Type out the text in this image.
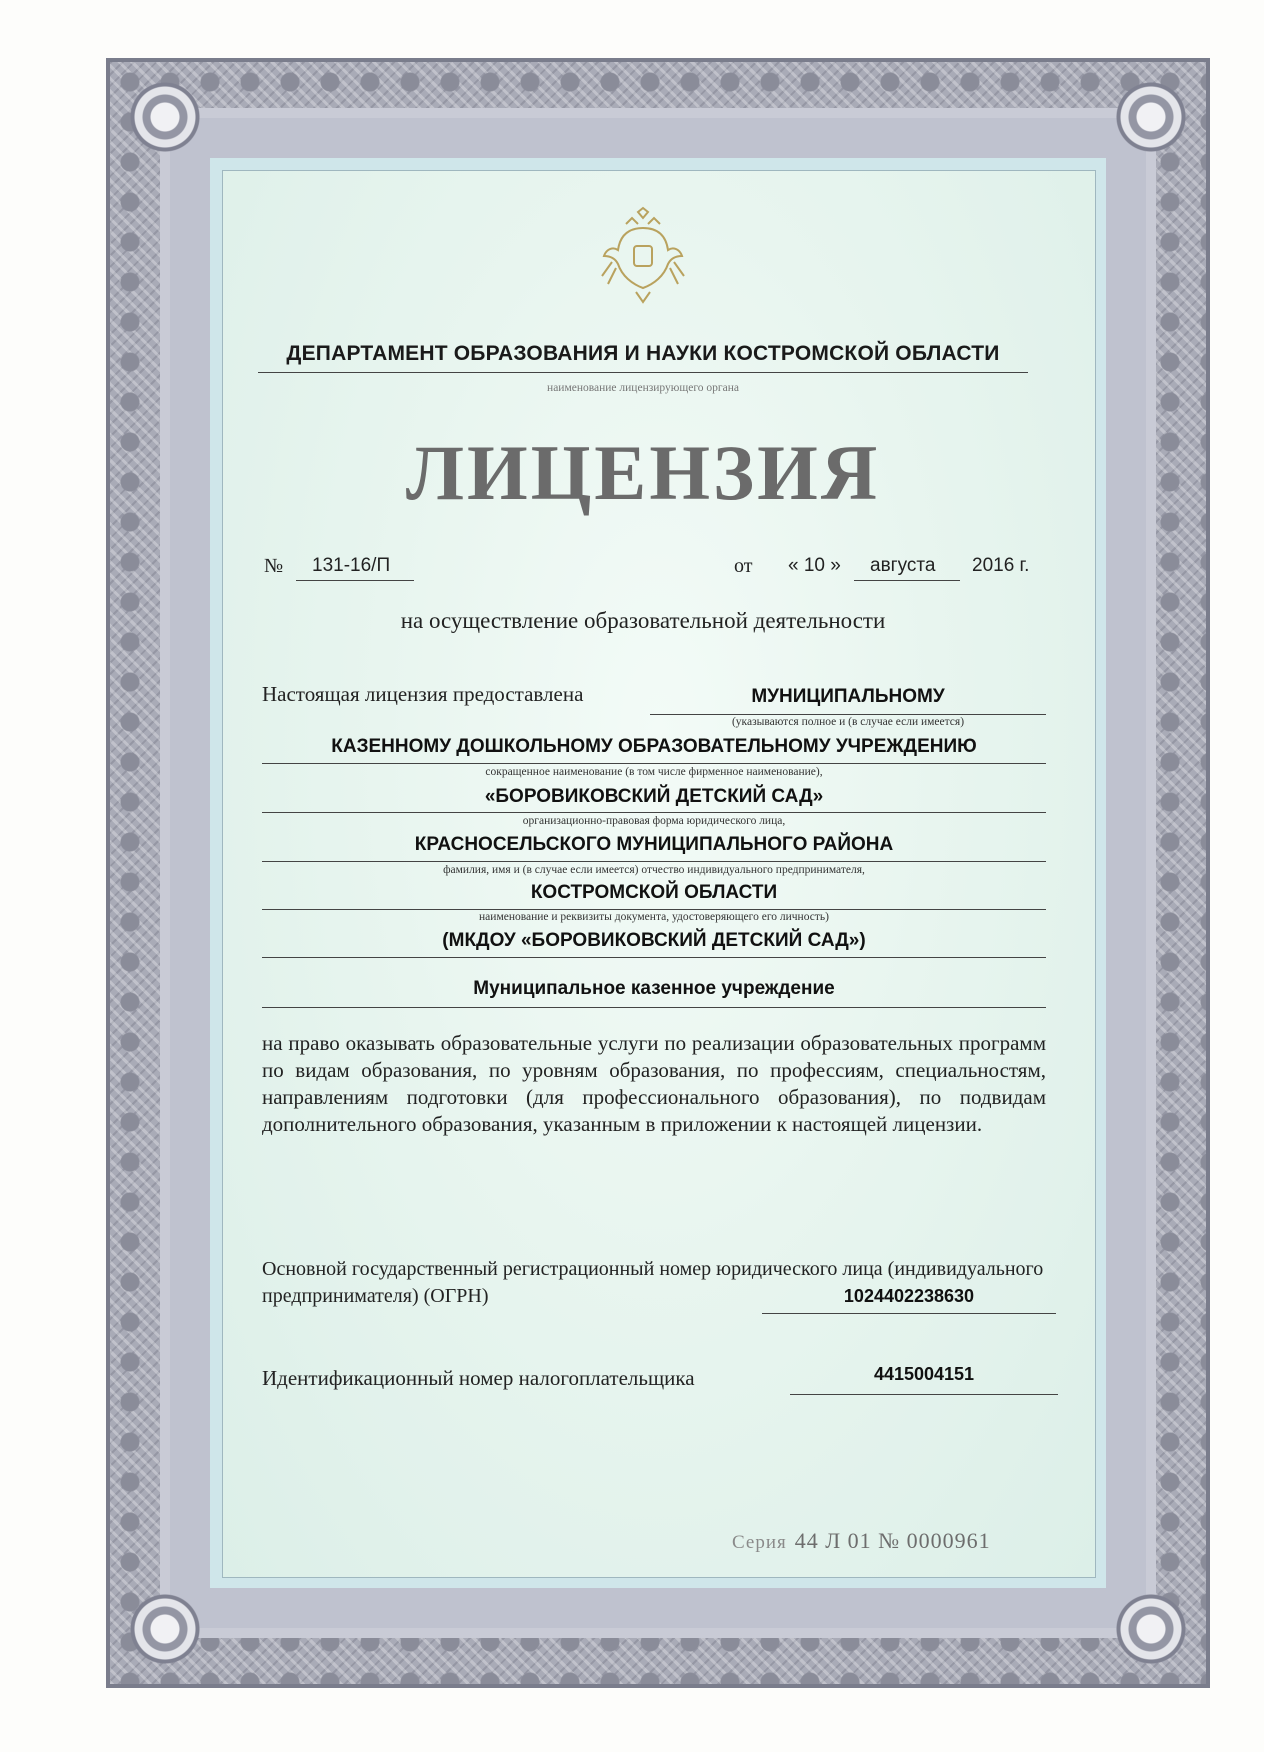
ДЕПАРТАМЕНТ ОБРАЗОВАНИЯ И НАУКИ КОСТРОМСКОЙ ОБЛАСТИ
наименование лицензирующего органа
ЛИЦЕНЗИЯ
№ 131-16/П	от « 10 » августа 2016 г.
на осуществление образовательной деятельности
Настоящая лицензия предоставлена	МУНИЦИПАЛЬНОМУ
(указываются полное и (в случае если имеется)
КАЗЕННОМУ ДОШКОЛЬНОМУ ОБРАЗОВАТЕЛЬНОМУ УЧРЕЖДЕНИЮ
сокращенное наименование (в том числе фирменное наименование),
«БОРОВИКОВСКИЙ ДЕТСКИЙ САД»
организационно-правовая форма юридического лица,
КРАСНОСЕЛЬСКОГО МУНИЦИПАЛЬНОГО РАЙОНА
фамилия, имя и (в случае если имеется) отчество индивидуального предпринимателя,
КОСТРОМСКОЙ ОБЛАСТИ
наименование и реквизиты документа, удостоверяющего его личность)
(МКДОУ «БОРОВИКОВСКИЙ ДЕТСКИЙ САД»)
Муниципальное казенное учреждение
на право оказывать образовательные услуги по реализации образовательных программ по видам образования, по уровням образования, по профессиям, специальностям, направлениям подготовки (для профессионального образования), по подвидам дополнительного образования, указанным в приложении к настоящей лицензии.
Основной государственный регистрационный номер юридического лица (индивидуального предпринимателя) (ОГРН)	1024402238630
Идентификационный номер налогоплательщика	4415004151
Серия 44 Л 01 № 0000961
